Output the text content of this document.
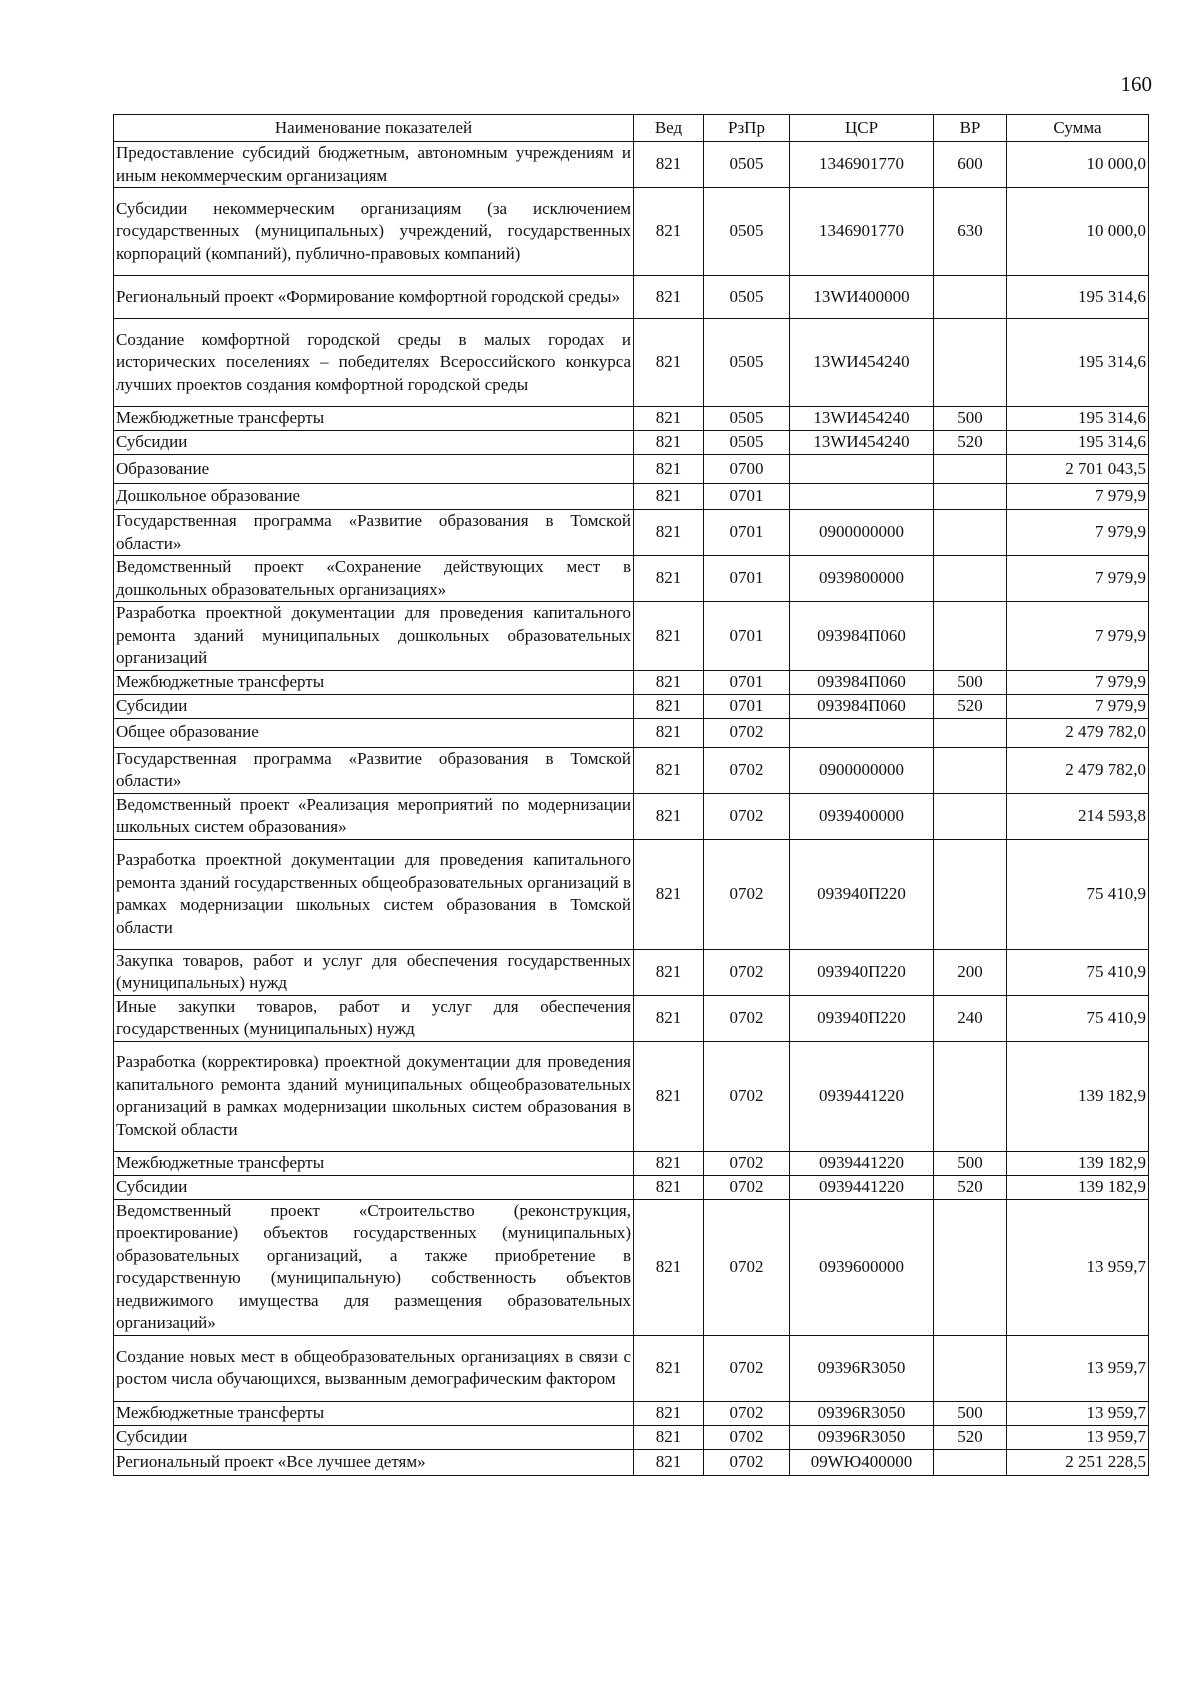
160
Наименование показателей	Вед	РзПр	ЦСР	ВР	Сумма
Предоставление субсидий бюджетным, автономным учреждениям и иным некоммерческим организациям	821	0505	1346901770	600	10 000,0
Субсидии некоммерческим организациям (за исключением государственных (муниципальных) учреждений, государственных корпораций (компаний), публично-правовых компаний)	821	0505	1346901770	630	10 000,0
Региональный проект «Формирование комфортной городской среды»	821	0505	13WИ400000		195 314,6
Создание комфортной городской среды в малых городах и исторических поселениях – победителях Всероссийского конкурса лучших проектов создания комфортной городской среды	821	0505	13WИ454240		195 314,6
Межбюджетные трансферты	821	0505	13WИ454240	500	195 314,6
Субсидии	821	0505	13WИ454240	520	195 314,6
Образование	821	0700			2 701 043,5
Дошкольное образование	821	0701			7 979,9
Государственная программа «Развитие образования в Томской области»	821	0701	0900000000		7 979,9
Ведомственный проект «Сохранение действующих мест в дошкольных образовательных организациях»	821	0701	0939800000		7 979,9
Разработка проектной документации для проведения капитального ремонта зданий муниципальных дошкольных образовательных организаций	821	0701	093984П060		7 979,9
Межбюджетные трансферты	821	0701	093984П060	500	7 979,9
Субсидии	821	0701	093984П060	520	7 979,9
Общее образование	821	0702			2 479 782,0
Государственная программа «Развитие образования в Томской области»	821	0702	0900000000		2 479 782,0
Ведомственный проект «Реализация мероприятий по модернизации школьных систем образования»	821	0702	0939400000		214 593,8
Разработка проектной документации для проведения капитального ремонта зданий государственных общеобразовательных организаций в рамках модернизации школьных систем образования в Томской области	821	0702	093940П220		75 410,9
Закупка товаров, работ и услуг для обеспечения государственных (муниципальных) нужд	821	0702	093940П220	200	75 410,9
Иные закупки товаров, работ и услуг для обеспечения государственных (муниципальных) нужд	821	0702	093940П220	240	75 410,9
Разработка (корректировка) проектной документации для проведения капитального ремонта зданий муниципальных общеобразовательных организаций в рамках модернизации школьных систем образования в Томской области	821	0702	0939441220		139 182,9
Межбюджетные трансферты	821	0702	0939441220	500	139 182,9
Субсидии	821	0702	0939441220	520	139 182,9
Ведомственный проект «Строительство (реконструкция, проектирование) объектов государственных (муниципальных) образовательных организаций, а также приобретение в государственную (муниципальную) собственность объектов недвижимого имущества для размещения образовательных организаций»	821	0702	0939600000		13 959,7
Создание новых мест в общеобразовательных организациях в связи с ростом числа обучающихся, вызванным демографическим фактором	821	0702	09396R3050		13 959,7
Межбюджетные трансферты	821	0702	09396R3050	500	13 959,7
Субсидии	821	0702	09396R3050	520	13 959,7
Региональный проект «Все лучшее детям»	821	0702	09WЮ400000		2 251 228,5
